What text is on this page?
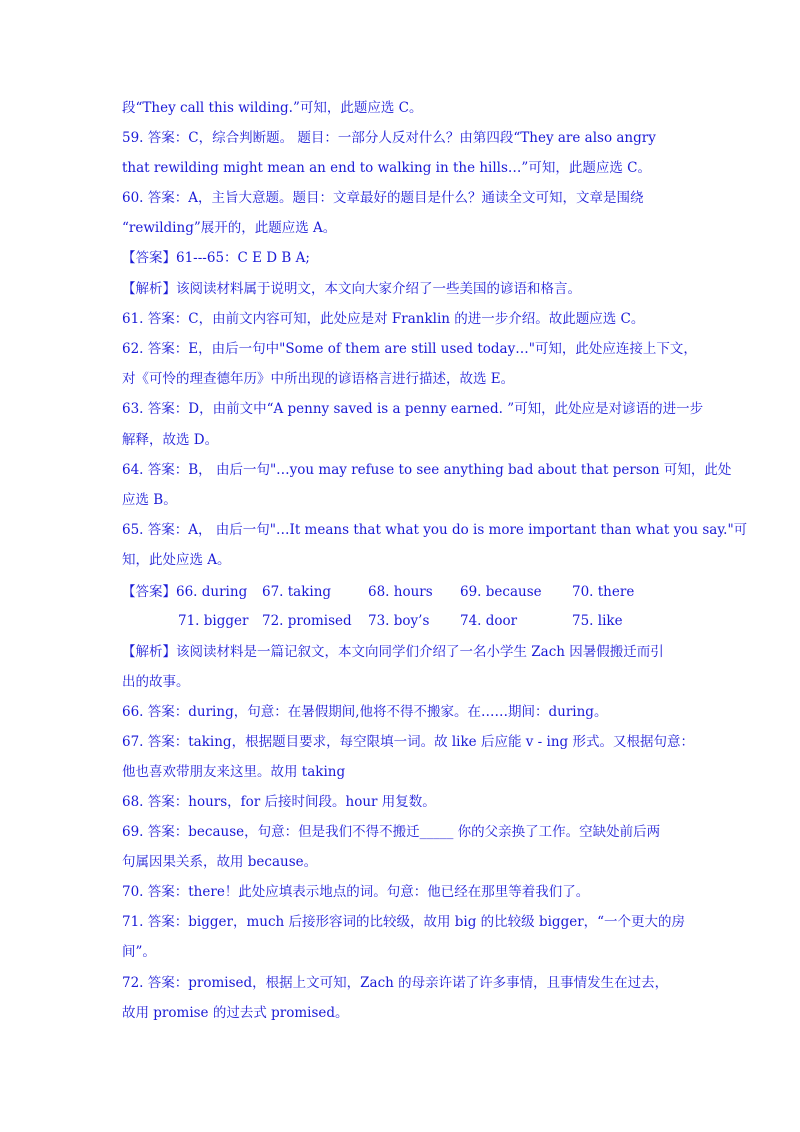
段“They call this wilding.”可知，此题应选 C。
59. 答案：C，综合判断题。 题目：一部分人反对什么？由第四段“They are also angry
that rewilding might mean an end to walking in the hills…”可知，此题应选 C。
60. 答案：A，主旨大意题。题目：文章最好的题目是什么？通读全文可知，文章是围绕
“rewilding”展开的，此题应选 A。
【答案】61---65：C E D B A;
【解析】该阅读材料属于说明文，本文向大家介绍了一些美国的谚语和格言。
61. 答案：C，由前文内容可知，此处应是对 Franklin 的进一步介绍。故此题应选 C。
62. 答案：E，由后一句中"Some of them are still used today…"可知，此处应连接上下文，
对《可怜的理查德年历》中所出现的谚语格言进行描述，故选 E。
63. 答案：D，由前文中“A penny saved is a penny earned. ”可知，此处应是对谚语的进一步
解释，故选 D。
64. 答案：B， 由后一句"…you may refuse to see anything bad about that person 可知，此处
应选 B。
65. 答案：A， 由后一句"…It means that what you do is more important than what you say."可
知，此处应选 A。
【答案】66. during 67. taking	68. hours 69. because 70. there
71. bigger 72. promised 73. boy’s 74. door	75. like
【解析】该阅读材料是一篇记叙文，本文向同学们介绍了一名小学生 Zach 因暑假搬迁而引
出的故事。
66. 答案：during，句意：在暑假期间,他将不得不搬家。在……期间：during。
67. 答案：taking，根据题目要求，每空限填一词。故 like 后应能 v - ing 形式。又根据句意：
他也喜欢带朋友来这里。故用 taking
68. 答案：hours，for 后接时间段。hour 用复数。
69. 答案：because，句意：但是我们不得不搬迁_____ 你的父亲换了工作。空缺处前后两
句属因果关系，故用 because。
70. 答案：there！此处应填表示地点的词。句意：他已经在那里等着我们了。
71. 答案：bigger，much 后接形容词的比较级，故用 big 的比较级 bigger，“一个更大的房
间”。
72. 答案：promised，根据上文可知，Zach 的母亲许诺了许多事情，且事情发生在过去，
故用 promise 的过去式 promised。
